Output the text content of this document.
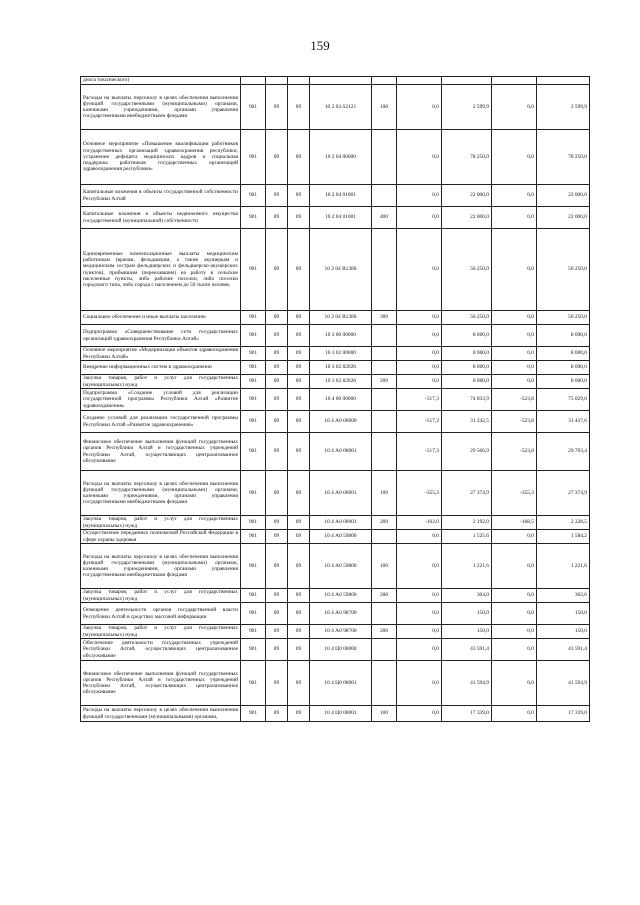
159
днога токсического)									
Расходы на выплаты персоналу в целях обеспечения выполнения функций государственными (муниципальными) органами, казенными учреждениями, органами управления государственными внебюджетными фондами	901	09	09	10 2 03 S2121	100	0,0	2 599,9	0,0	2 599,9
Основное мероприятие «Повышение квалификации работников государственных организаций здравоохранения республики, устранение дефицита медицинских кадров и социальная поддержка работников государственных организаций здравоохранения республики»	901	09	09	10 2 04 00000		0,0	78 250,0	0,0	78 250,0
Капитальные вложения в объекты государственной собственности Республики Алтай	901	09	09	10 2 04 01001		0,0	22 000,0	0,0	22 000,0
Капитальные вложения в объекты недвижимого имущества государственной (муниципальной) собственности	901	09	09	10 2 04 01001	400	0,0	22 000,0	0,0	22 000,0
Единовременные компенсационные выплаты медицинским работникам (врачам, фельдшерам, а также акушеркам и медицинским сестрам фельдшерских и фельдшерско-акушерских пунктов), прибывшим (переехавшим) на работу в сельские населенные пункты, либо рабочие поселки, либо поселки городского типа, либо города с населением до 50 тысяч человек	901	09	09	10 2 04 R1380		0,0	56 250,0	0,0	56 250,0
Социальное обеспечение и иные выплаты населению	901	09	09	10 2 04 R1380	300	0,0	56 250,0	0,0	56 250,0
Подпрограмма «Совершенствование сети государственных организаций здравоохранения Республики Алтай»	901	09	09	10 3 00 00000		0,0	8 000,0	0,0	8 000,0
Основное мероприятие «Модернизация объектов здравоохранения Республики Алтай»	901	09	09	10 3 02 00000		0,0	8 000,0	0,0	8 000,0
Внедрение информационных систем в здравоохранении	901	09	09	10 3 02 82026		0,0	8 000,0	0,0	8 000,0
Закупка товаров, работ и услуг для государственных (муниципальных) нужд	901	09	09	10 3 02 82026	200	0,0	8 000,0	0,0	8 000,0
Подпрограмма «Создание условий для реализации государственной программы Республики Алтай «Развитие здравоохранения»	901	09	09	10 4 00 00000		-517,3	74 833,9	-523,8	75 029,0
Создание условий для реализации государственной программы Республики Алтай «Развитие здравоохранения»	901	09	09	10 4 А0 00000		-517,3	31 242,5	-523,8	31 437,6
Финансовое обеспечение выполнения функций государственных органов Республики Алтай и государственных учреждений Республики Алтай, осуществляющих централизованное обслуживание	901	09	09	10 4 А0 00001		-517,3	29 566,9	-523,8	29 703,4
Расходы на выплаты персоналу в целях обеспечения выполнения функций государственными (муниципальными) органами, казенными учреждениями, органами управления государственными внебюджетными фондами	901	09	09	10 4 А0 00001	100	-355,3	27 374,9	-355,3	27 374,9
Закупка товаров, работ и услуг для государственных (муниципальных) нужд	901	09	09	10 4 А0 00001	200	-162,0	2 192,0	-168,5	2 328,5
Осуществление переданных полномочий Российской Федерации в сфере охраны здоровья	901	09	09	10 4 А0 59800		0,0	1 525,6	0,0	1 584,2
Расходы на выплаты персоналу в целях обеспечения выполнения функций государственными (муниципальными) органами, казенными учреждениями, органами управления государственными внебюджетными фондами	901	09	09	10 4 А0 59800	100	0,0	1 221,6	0,0	1 221,6
Закупка товаров, работ и услуг для государственных (муниципальных) нужд	901	09	09	10 4 А0 59800	200	0,0	304,0	0,0	362,6
Освещение деятельности органов государственной власти Республики Алтай в средствах массовой информации	901	09	09	10 4 А0 98700		0,0	150,0	0,0	150,0
Закупка товаров, работ и услуг для государственных (муниципальных) нужд	901	09	09	10 4 А0 98700	200	0,0	150,0	0,0	150,0
Обеспечение деятельности государственных учреждений Республики Алтай, осуществляющих централизованное обслуживание	901	09	09	10 4 Ц0 00000		0,0	43 591,4	0,0	43 591,4
Финансовое обеспечение выполнения функций государственных органов Республики Алтай и государственных учреждений Республики Алтай, осуществляющих централизованное обслуживание	901	09	09	10 4 Ц0 00001		0,0	41 594,9	0,0	41 594,9
Расходы на выплаты персоналу в целях обеспечения выполнения функций государственными (муниципальными) органами,	901	09	09	10 4 Ц0 00001	100	0,0	17 339,0	0,0	17 339,0
